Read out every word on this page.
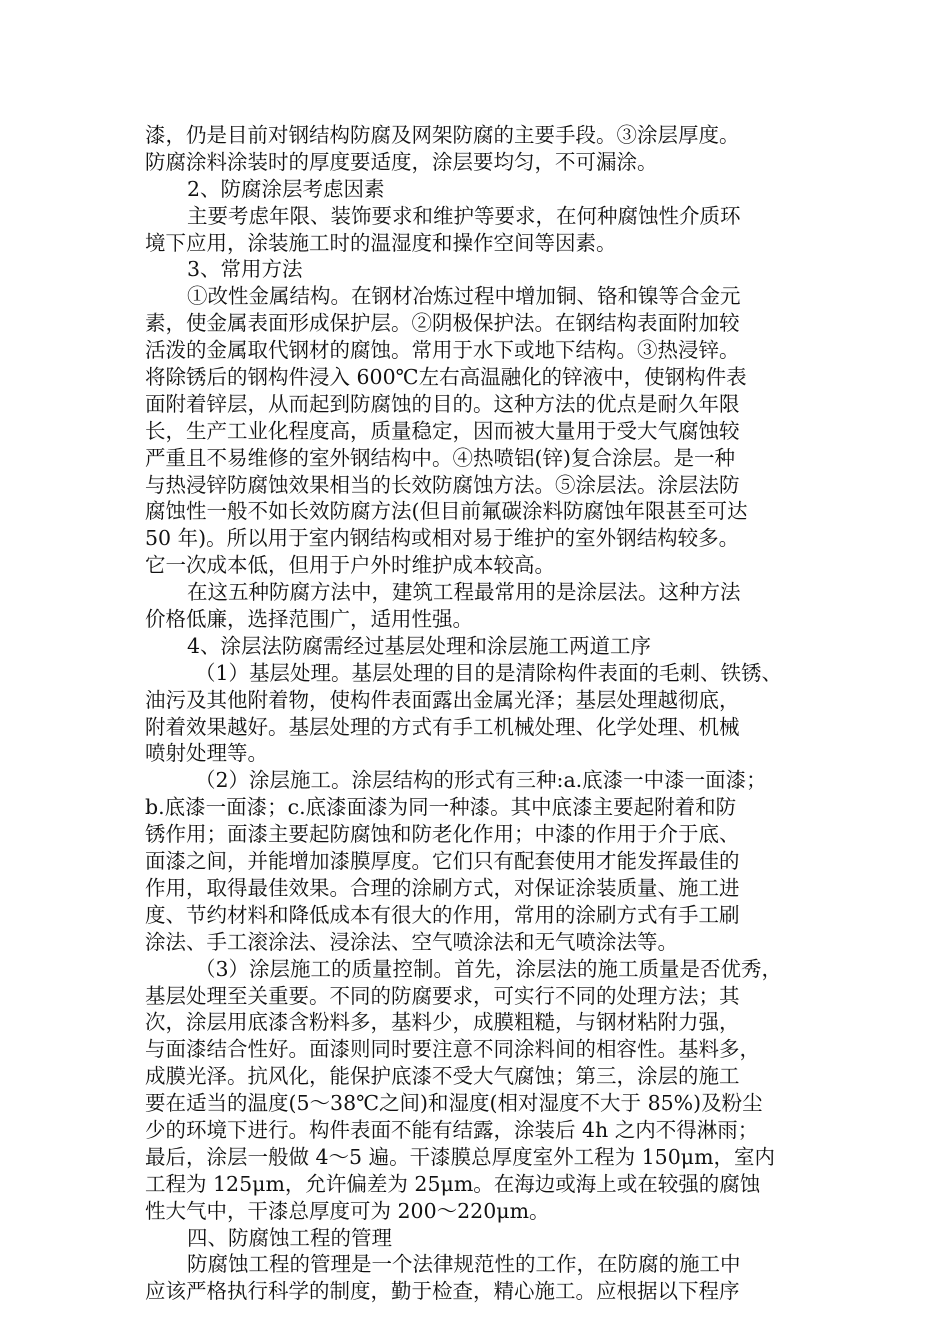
漆，仍是目前对钢结构防腐及网架防腐的主要手段。③涂层厚度。
防腐涂料涂装时的厚度要适度，涂层要均匀，不可漏涂。
2、防腐涂层考虑因素
主要考虑年限、装饰要求和维护等要求，在何种腐蚀性介质环
境下应用，涂装施工时的温湿度和操作空间等因素。
3、常用方法
①改性金属结构。在钢材冶炼过程中增加铜、铬和镍等合金元
素，使金属表面形成保护层。②阴极保护法。在钢结构表面附加较
活泼的金属取代钢材的腐蚀。常用于水下或地下结构。③热浸锌。
将除锈后的钢构件浸入 600℃左右高温融化的锌液中，使钢构件表
面附着锌层，从而起到防腐蚀的目的。这种方法的优点是耐久年限
长，生产工业化程度高，质量稳定，因而被大量用于受大气腐蚀较
严重且不易维修的室外钢结构中。④热喷铝(锌)复合涂层。是一种
与热浸锌防腐蚀效果相当的长效防腐蚀方法。⑤涂层法。涂层法防
腐蚀性一般不如长效防腐方法(但目前氟碳涂料防腐蚀年限甚至可达
50 年)。所以用于室内钢结构或相对易于维护的室外钢结构较多。
它一次成本低，但用于户外时维护成本较高。
在这五种防腐方法中，建筑工程最常用的是涂层法。这种方法
价格低廉，选择范围广，适用性强。
4、涂层法防腐需经过基层处理和涂层施工两道工序
（1）基层处理。基层处理的目的是清除构件表面的毛刺、铁锈、
油污及其他附着物，使构件表面露出金属光泽；基层处理越彻底，
附着效果越好。基层处理的方式有手工机械处理、化学处理、机械
喷射处理等。
（2）涂层施工。涂层结构的形式有三种:a.底漆一中漆一面漆；
b.底漆一面漆；c.底漆面漆为同一种漆。其中底漆主要起附着和防
锈作用；面漆主要起防腐蚀和防老化作用；中漆的作用于介于底、
面漆之间，并能增加漆膜厚度。它们只有配套使用才能发挥最佳的
作用，取得最佳效果。合理的涂刷方式，对保证涂装质量、施工进
度、节约材料和降低成本有很大的作用，常用的涂刷方式有手工刷
涂法、手工滚涂法、浸涂法、空气喷涂法和无气喷涂法等。
（3）涂层施工的质量控制。首先，涂层法的施工质量是否优秀，
基层处理至关重要。不同的防腐要求，可实行不同的处理方法；其
次，涂层用底漆含粉料多，基料少，成膜粗糙，与钢材粘附力强，
与面漆结合性好。面漆则同时要注意不同涂料间的相容性。基料多，
成膜光泽。抗风化，能保护底漆不受大气腐蚀；第三，涂层的施工
要在适当的温度(5～38℃之间)和湿度(相对湿度不大于 85%)及粉尘
少的环境下进行。构件表面不能有结露，涂装后 4h 之内不得淋雨；
最后，涂层一般做 4～5 遍。干漆膜总厚度室外工程为 150μm，室内
工程为 125μm，允许偏差为 25μm。在海边或海上或在较强的腐蚀
性大气中，干漆总厚度可为 200～220μm。
四、防腐蚀工程的管理
防腐蚀工程的管理是一个法律规范性的工作，在防腐的施工中
应该严格执行科学的制度，勤于检查，精心施工。应根据以下程序
